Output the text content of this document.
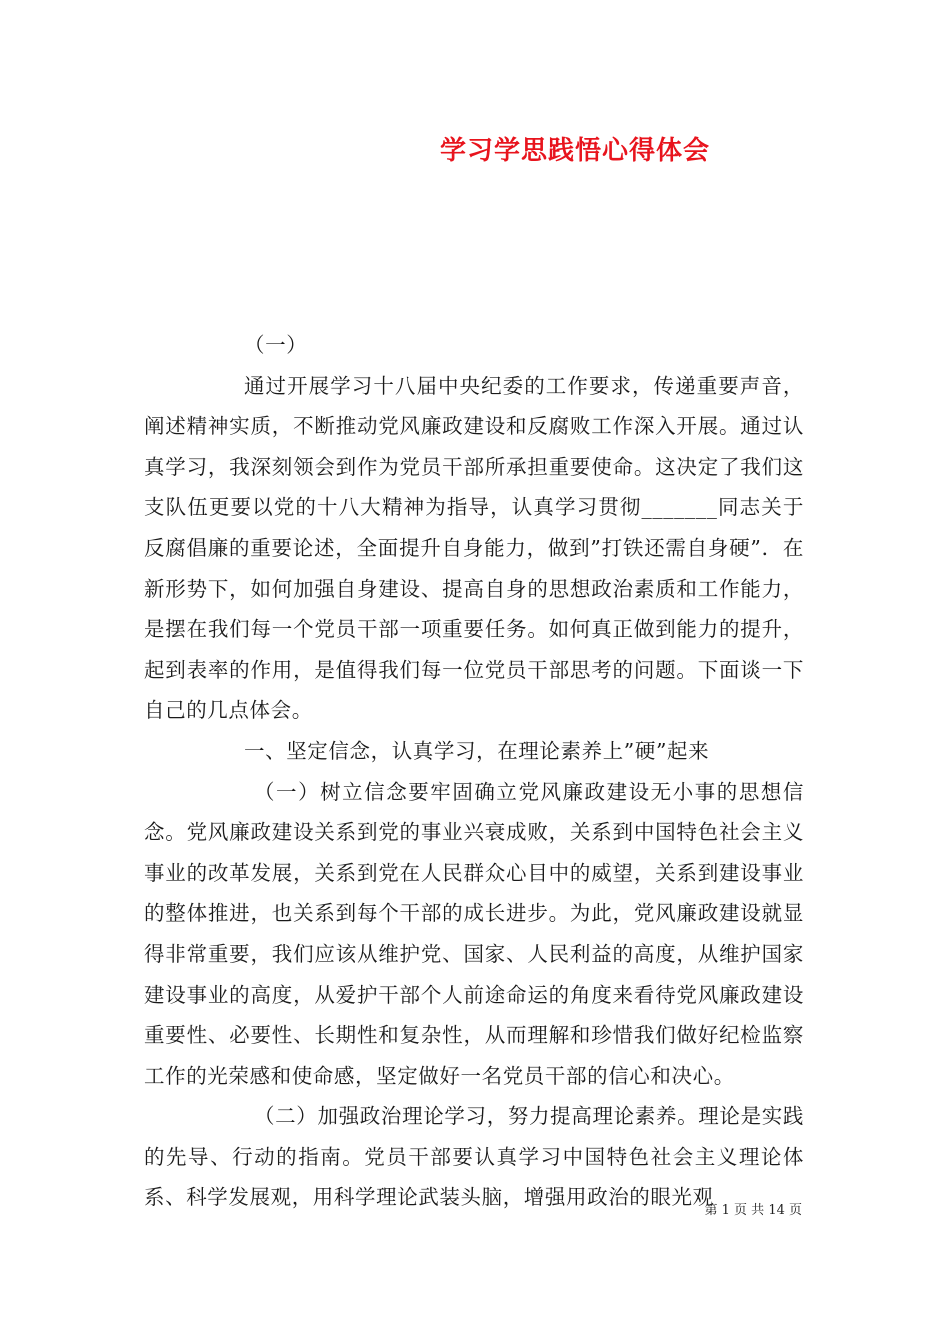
学习学思践悟心得体会

（一）

通过开展学习十八届中央纪委的工作要求，传递重要声音，阐述精神实质，不断推动党风廉政建设和反腐败工作深入开展。通过认真学习，我深刻领会到作为党员干部所承担重要使命。这决定了我们这支队伍更要以党的十八大精神为指导，认真学习贯彻_______同志关于反腐倡廉的重要论述，全面提升自身能力，做到”打铁还需自身硬”．在新形势下，如何加强自身建设、提高自身的思想政治素质和工作能力，是摆在我们每一个党员干部一项重要任务。如何真正做到能力的提升，起到表率的作用，是值得我们每一位党员干部思考的问题。下面谈一下自己的几点体会。

一、坚定信念，认真学习，在理论素养上”硬”起来

（一）树立信念要牢固确立党风廉政建设无小事的思想信念。党风廉政建设关系到党的事业兴衰成败，关系到中国特色社会主义事业的改革发展，关系到党在人民群众心目中的威望，关系到建设事业的整体推进，也关系到每个干部的成长进步。为此，党风廉政建设就显得非常重要，我们应该从维护党、国家、人民利益的高度，从维护国家建设事业的高度，从爱护干部个人前途命运的角度来看待党风廉政建设重要性、必要性、长期性和复杂性，从而理解和珍惜我们做好纪检监察工作的光荣感和使命感，坚定做好一名党员干部的信心和决心。

（二）加强政治理论学习，努力提高理论素养。理论是实践的先导、行动的指南。党员干部要认真学习中国特色社会主义理论体系、科学发展观，用科学理论武装头脑，增强用政治的眼光观

第 1 页 共 14 页
